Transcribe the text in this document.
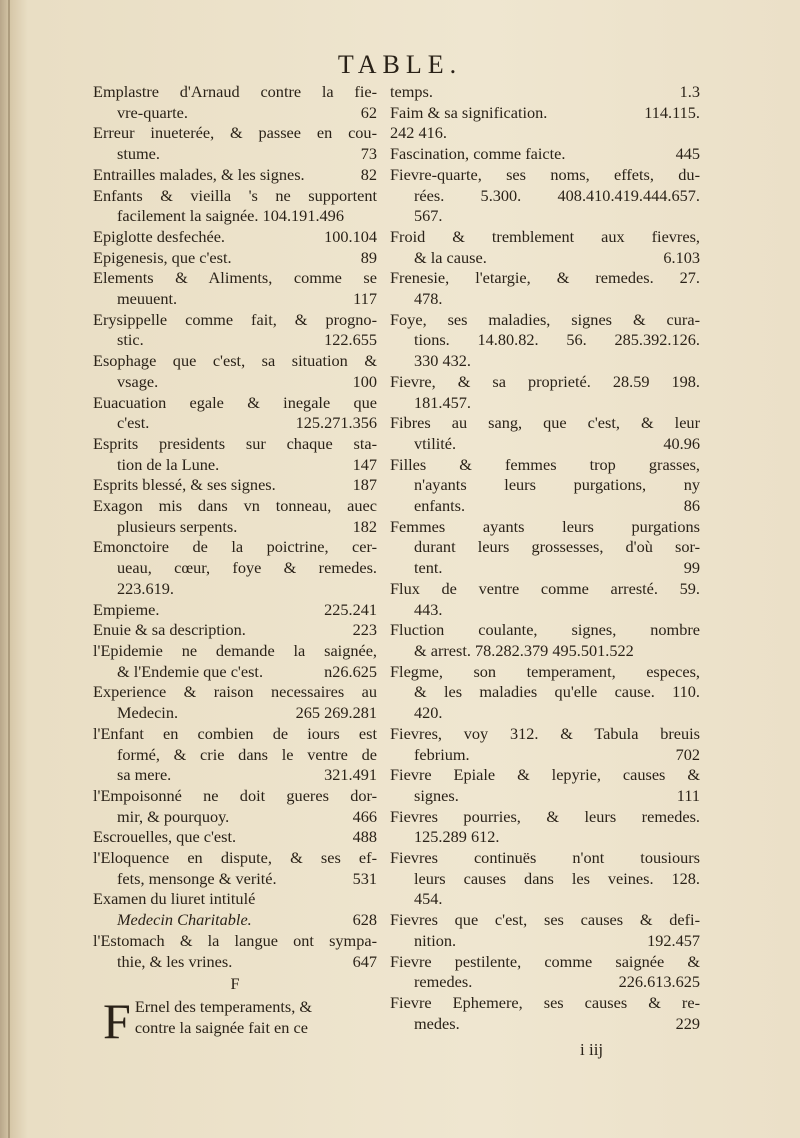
TABLE.
Emplastre d'Arnaud contre la fie-
vre-quarte.	62
Erreur inueterée, & passee en cou-
stume.	73
Entrailles malades, & les signes.	82
Enfants & vieilla 's ne supportent
facilement la saignée. 104.191.496
Epiglotte desfechée.	100.104
Epigenesis, que c'est.	89
Elements & Aliments, comme se
meuuent.	117
Erysippelle comme fait, & progno-
stic.	122.655
Esophage que c'est, sa situation &
vsage.	100
Euacuation egale & inegale que
c'est.	125.271.356
Esprits presidents sur chaque sta-
tion de la Lune.	147
Esprits blessé, & ses signes.	187
Exagon mis dans vn tonneau, auec
plusieurs serpents.	182
Emonctoire de la poictrine, cer-
ueau, cœur, foye & remedes.
223.619.
Empieme.	225.241
Enuie & sa description.	223
l'Epidemie ne demande la saignée,
& l'Endemie que c'est.	n26.625
Experience & raison necessaires au
Medecin.	265 269.281
l'Enfant en combien de iours est
formé, & crie dans le ventre de
sa mere.	321.491
l'Empoisonné ne doit gueres dor-
mir, & pourquoy.	466
Escrouelles, que c'est.	488
l'Eloquence en dispute, & ses ef-
fets, mensonge & verité.	531
Examen du liuret intitulé
Medecin Charitable.	628
l'Estomach & la langue ont sympa-
thie, & les vrines.	647
F
F Ernel des temperaments, &
contre la saignée fait en ce
temps.	1.3
Faim & sa signification.	114.115.
242 416.
Fascination, comme faicte.	445
Fievre-quarte, ses noms, effets, du-
rées. 5.300. 408.410.419.444.657.
567.
Froid & tremblement aux fievres,
& la cause.	6.103
Frenesie, l'etargie, & remedes. 27.
478.
Foye, ses maladies, signes & cura-
tions. 14.80.82. 56. 285.392.126.
330 432.
Fievre, & sa proprieté. 28.59 198.
181.457.
Fibres au sang, que c'est, & leur
vtilité.	40.96
Filles & femmes trop grasses,
n'ayants leurs purgations, ny
enfants.	86
Femmes ayants leurs purgations
durant leurs grossesses, d'où sor-
tent.	99
Flux de ventre comme arresté. 59.
443.
Fluction coulante, signes, nombre
& arrest. 78.282.379 495.501.522
Flegme, son temperament, especes,
& les maladies qu'elle cause. 110.
420.
Fievres, voy 312. & Tabula breuis
febrium.	702
Fievre Epiale & lepyrie, causes &
signes.	111
Fievres pourries, & leurs remedes.
125.289 612.
Fievres continuës n'ont tousiours
leurs causes dans les veines. 128.
454.
Fievres que c'est, ses causes & defi-
nition.	192.457
Fievre pestilente, comme saignée &
remedes.	226.613.625
Fievre Ephemere, ses causes & re-
medes.	229
i iij
